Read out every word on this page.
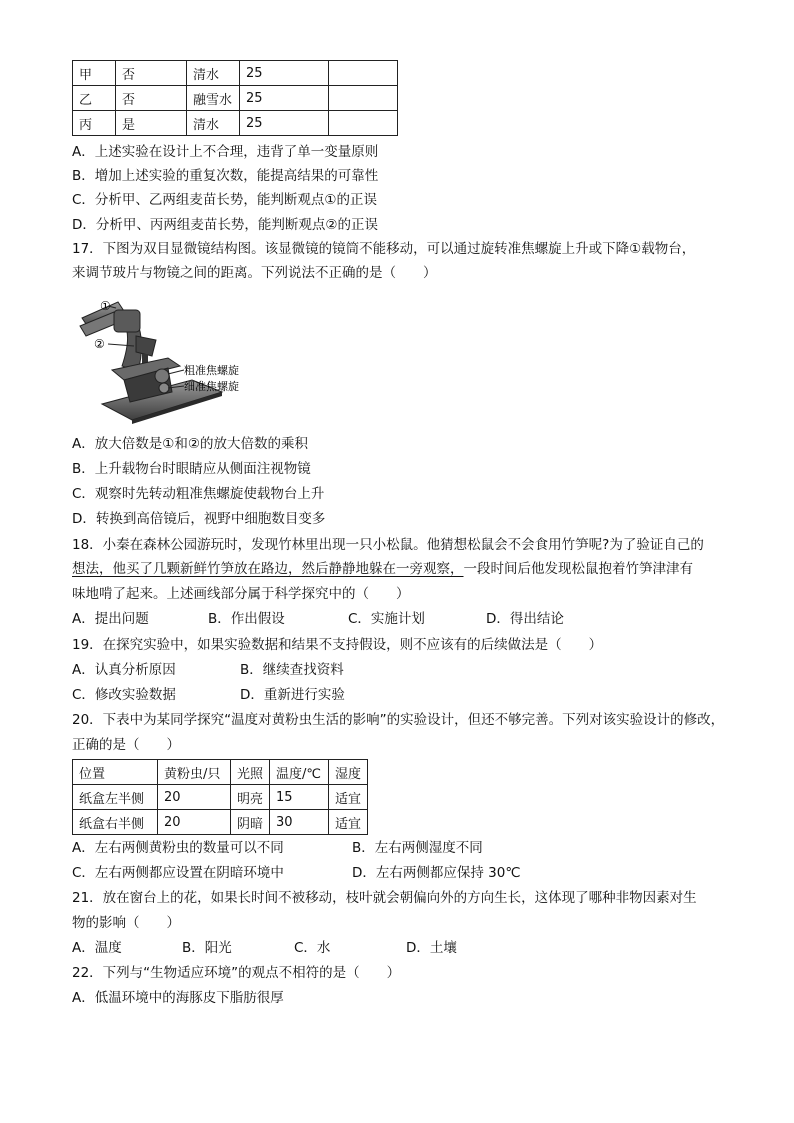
甲	否	清水	25	
乙	否	融雪水	25	
丙	是	清水	25	
A．上述实验在设计上不合理，违背了单一变量原则
B．增加上述实验的重复次数，能提高结果的可靠性
C．分析甲、乙两组麦苗长势，能判断观点①的正误
D．分析甲、丙两组麦苗长势，能判断观点②的正误
17．下图为双目显微镜结构图。该显微镜的镜筒不能移动，可以通过旋转准焦螺旋上升或下降①载物台，
来调节玻片与物镜之间的距离。下列说法不正确的是（　　）
①
②
粗准焦螺旋
细准焦螺旋
A．放大倍数是①和②的放大倍数的乘积
B．上升载物台时眼睛应从侧面注视物镜
C．观察时先转动粗准焦螺旋使载物台上升
D．转换到高倍镜后，视野中细胞数目变多
18．小秦在森林公园游玩时，发现竹林里出现一只小松鼠。他猜想松鼠会不会食用竹笋呢?为了验证自己的
想法，他买了几颗新鲜竹笋放在路边，然后静静地躲在一旁观察，一段时间后他发现松鼠抱着竹笋津津有
味地啃了起来。上述画线部分属于科学探究中的（　　）
A．提出问题	B．作出假设	C．实施计划	D．得出结论
19．在探究实验中，如果实验数据和结果不支持假设，则不应该有的后续做法是（　　）
A．认真分析原因	B．继续查找资料
C．修改实验数据	D．重新进行实验
20．下表中为某同学探究“温度对黄粉虫生活的影响”的实验设计，但还不够完善。下列对该实验设计的修改，
正确的是（　　）
位置	黄粉虫/只	光照	温度/℃	湿度
纸盒左半侧	20	明亮	15	适宜
纸盒右半侧	20	阴暗	30	适宜
A．左右两侧黄粉虫的数量可以不同	B．左右两侧湿度不同
C．左右两侧都应设置在阴暗环境中	D．左右两侧都应保持 30℃
21．放在窗台上的花，如果长时间不被移动，枝叶就会朝偏向外的方向生长，这体现了哪种非物因素对生
物的影响（　　）
A．温度	B．阳光	C．水	D．土壤
22．下列与“生物适应环境”的观点不相符的是（　　）
A．低温环境中的海豚皮下脂肪很厚
